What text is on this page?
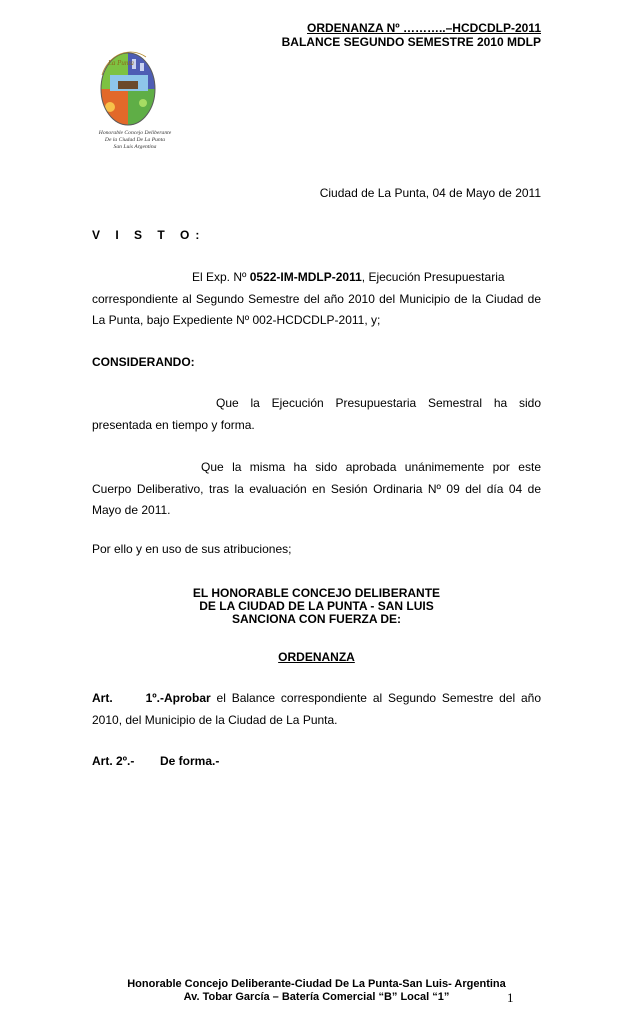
ORDENANZA Nº ………..–HCDCDLP-2011
BALANCE SEGUNDO SEMESTRE 2010 MDLP
La Punta
Honorable Concejo Deliberante
De la Ciudad De La Punta
San Luis Argentina
Ciudad de La Punta, 04 de Mayo de 2011
V I S T O:
El Exp. Nº 0522-IM-MDLP-2011, Ejecución Presupuestaria
correspondiente al Segundo Semestre del año 2010 del Municipio de la Ciudad de
La Punta, bajo Expediente Nº 002-HCDCDLP-2011, y;
CONSIDERANDO:
Que la Ejecución Presupuestaria Semestral ha sido
presentada en tiempo y forma.
Que la misma ha sido aprobada unánimemente por este
Cuerpo Deliberativo, tras la evaluación en Sesión Ordinaria Nº 09 del día 04 de
Mayo de 2011.
Por ello y en uso de sus atribuciones;
EL HONORABLE CONCEJO DELIBERANTE
DE LA CIUDAD DE LA PUNTA - SAN LUIS
SANCIONA CON FUERZA DE:
ORDENANZA
Art. 1º.-Aprobar el Balance correspondiente al Segundo Semestre del año
2010, del Municipio de la Ciudad de La Punta.
Art. 2º.- De forma.-
Honorable Concejo Deliberante-Ciudad De La Punta-San Luis- Argentina
Av. Tobar García – Batería Comercial “B” Local “1”	1
